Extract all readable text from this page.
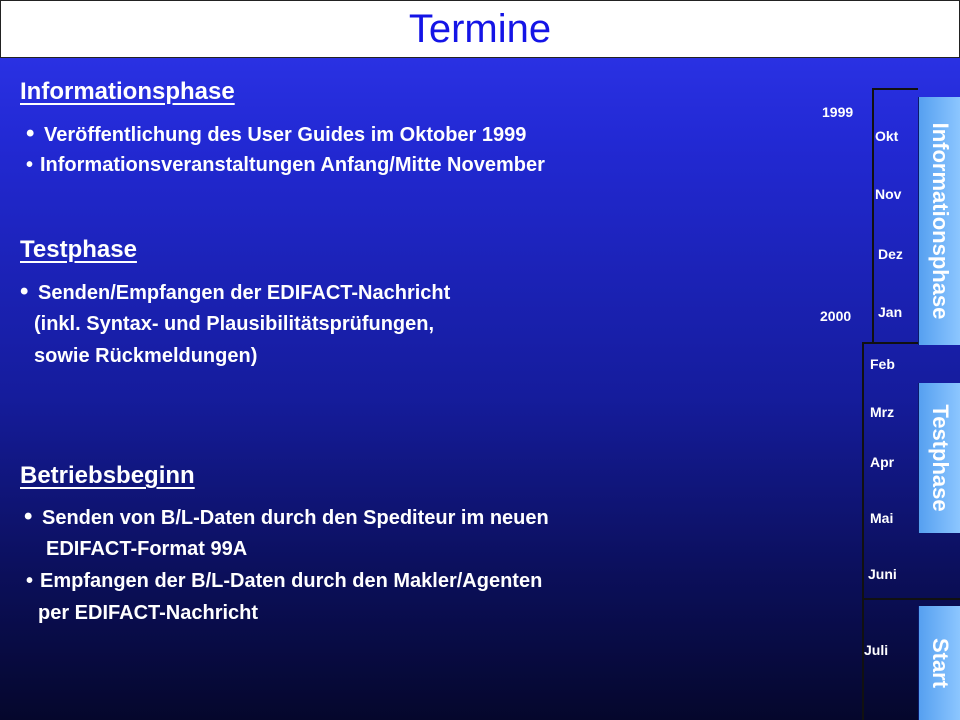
Termine
Informationsphase
• Veröffentlichung des User Guides im Oktober 1999
• Informationsveranstaltungen Anfang/Mitte November
Testphase
• Senden/Empfangen der EDIFACT-Nachricht
(inkl. Syntax- und Plausibilitätsprüfungen,
sowie Rückmeldungen)
Betriebsbeginn
• Senden von B/L-Daten durch den Spediteur im neuen
EDIFACT-Format 99A
• Empfangen der B/L-Daten durch den Makler/Agenten
per EDIFACT-Nachricht
1999
2000
Okt
Nov
Dez
Jan
Feb
Mrz
Apr
Mai
Juni
Juli
Informationsphase
Testphase
Start
